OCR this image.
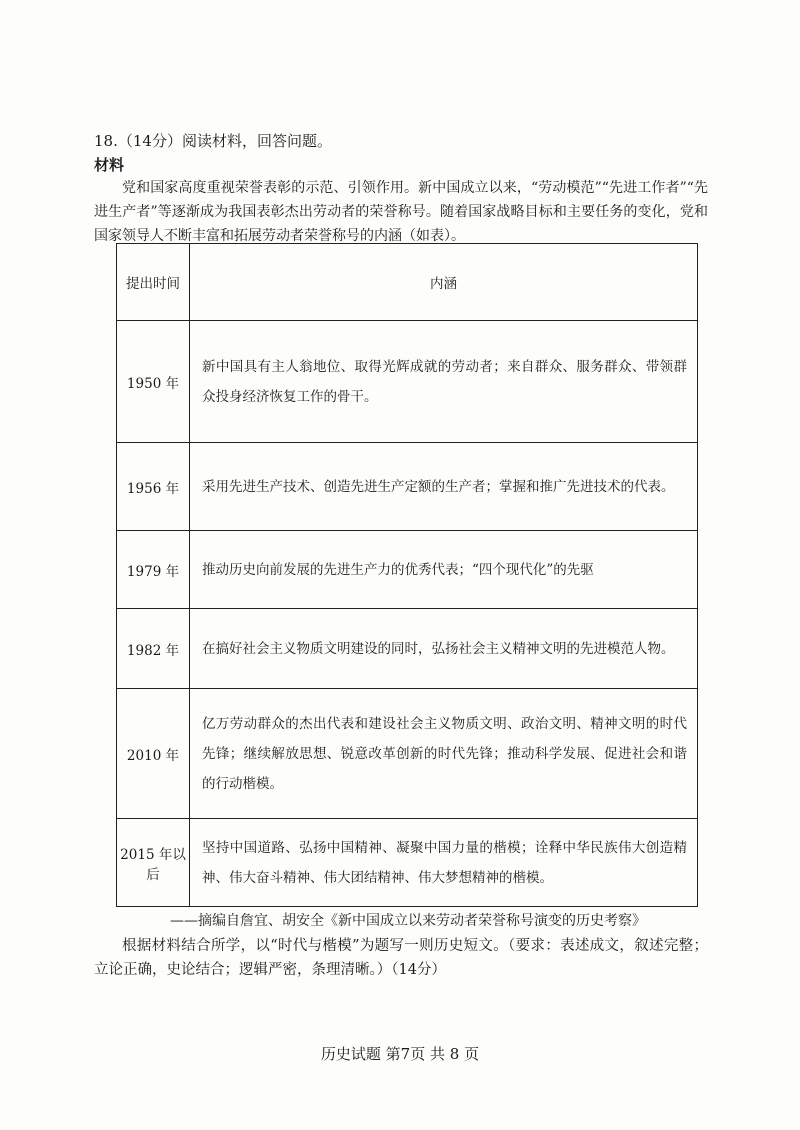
18.（14分）阅读材料，回答问题。
材料
党和国家高度重视荣誉表彰的示范、引领作用。新中国成立以来，“劳动模范”“先进工作者”“先进生产者”等逐渐成为我国表彰杰出劳动者的荣誉称号。随着国家战略目标和主要任务的变化，党和国家领导人不断丰富和拓展劳动者荣誉称号的内涵（如表）。
提出时间	内涵
1950 年	新中国具有主人翁地位、取得光辉成就的劳动者；来自群众、服务群众、带领群众投身经济恢复工作的骨干。
1956 年	采用先进生产技术、创造先进生产定额的生产者；掌握和推广先进技术的代表。
1979 年	推动历史向前发展的先进生产力的优秀代表；“四个现代化”的先驱
1982 年	在搞好社会主义物质文明建设的同时，弘扬社会主义精神文明的先进模范人物。
2010 年	亿万劳动群众的杰出代表和建设社会主义物质文明、政治文明、精神文明的时代先锋；继续解放思想、锐意改革创新的时代先锋；推动科学发展、促进社会和谐的行动楷模。
2015 年以后	坚持中国道路、弘扬中国精神、凝聚中国力量的楷模；诠释中华民族伟大创造精神、伟大奋斗精神、伟大团结精神、伟大梦想精神的楷模。
——摘编自詹宜、胡安全《新中国成立以来劳动者荣誉称号演变的历史考察》
根据材料结合所学，以“时代与楷模”为题写一则历史短文。（要求：表述成文，叙述完整；立论正确，史论结合；逻辑严密，条理清晰。）（14分）
历史试题 第7页 共 8 页
